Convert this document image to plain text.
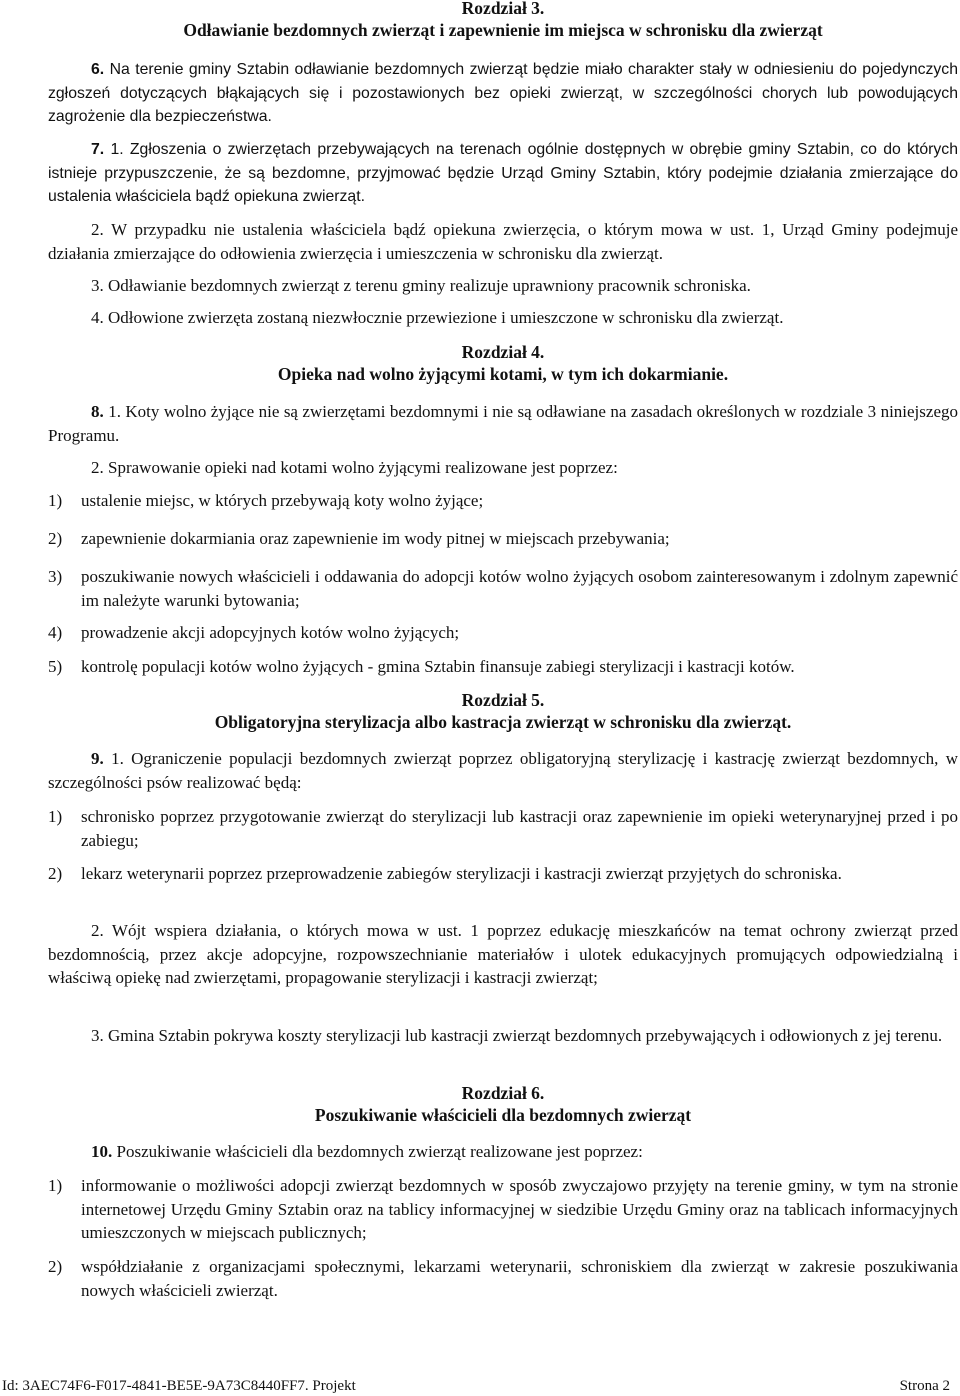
Rozdział 3.
Odławianie bezdomnych zwierząt i zapewnienie im miejsca w schronisku dla zwierząt
6. Na terenie gminy Sztabin odławianie bezdomnych zwierząt będzie miało charakter stały w odniesieniu do pojedynczych zgłoszeń dotyczących błąkających się i pozostawionych bez opieki zwierząt, w szczególności chorych lub powodujących zagrożenie dla bezpieczeństwa.
7. 1. Zgłoszenia o zwierzętach przebywających na terenach ogólnie dostępnych w obrębie gminy Sztabin, co do których istnieje przypuszczenie, że są bezdomne, przyjmować będzie Urząd Gminy Sztabin, który podejmie działania zmierzające do ustalenia właściciela bądź opiekuna zwierząt.
2. W przypadku nie ustalenia właściciela bądź opiekuna zwierzęcia, o którym mowa w ust. 1, Urząd Gminy podejmuje działania zmierzające do odłowienia zwierzęcia i umieszczenia w schronisku dla zwierząt.
3. Odławianie bezdomnych zwierząt z terenu gminy realizuje uprawniony pracownik schroniska.
4. Odłowione zwierzęta zostaną niezwłocznie przewiezione i umieszczone w schronisku dla zwierząt.
Rozdział 4.
Opieka nad wolno żyjącymi kotami, w tym ich dokarmianie.
8. 1. Koty wolno żyjące nie są zwierzętami bezdomnymi i nie są odławiane na zasadach określonych w rozdziale 3 niniejszego Programu.
2. Sprawowanie opieki nad kotami wolno żyjącymi realizowane jest poprzez:
1) ustalenie miejsc, w których przebywają koty wolno żyjące;
2) zapewnienie dokarmiania oraz zapewnienie im wody pitnej w miejscach przebywania;
3) poszukiwanie nowych właścicieli i oddawania do adopcji kotów wolno żyjących osobom zainteresowanym i zdolnym zapewnić im należyte warunki bytowania;
4) prowadzenie akcji adopcyjnych kotów wolno żyjących;
5) kontrolę populacji kotów wolno żyjących - gmina Sztabin finansuje zabiegi sterylizacji i kastracji kotów.
Rozdział 5.
Obligatoryjna sterylizacja albo kastracja zwierząt w schronisku dla zwierząt.
9. 1. Ograniczenie populacji bezdomnych zwierząt poprzez obligatoryjną sterylizację i kastrację zwierząt bezdomnych, w szczególności psów realizować będą:
1) schronisko poprzez przygotowanie zwierząt do sterylizacji lub kastracji oraz zapewnienie im opieki weterynaryjnej przed i po zabiegu;
2) lekarz weterynarii poprzez przeprowadzenie zabiegów sterylizacji i kastracji zwierząt przyjętych do schroniska.
2. Wójt wspiera działania, o których mowa w ust. 1 poprzez edukację mieszkańców na temat ochrony zwierząt przed bezdomnością, przez akcje adopcyjne, rozpowszechnianie materiałów i ulotek edukacyjnych promujących odpowiedzialną i właściwą opiekę nad zwierzętami, propagowanie sterylizacji i kastracji zwierząt;
3. Gmina Sztabin pokrywa koszty sterylizacji lub kastracji zwierząt bezdomnych przebywających i odłowionych z jej terenu.
Rozdział 6.
Poszukiwanie właścicieli dla bezdomnych zwierząt
10. Poszukiwanie właścicieli dla bezdomnych zwierząt realizowane jest poprzez:
1) informowanie o możliwości adopcji zwierząt bezdomnych w sposób zwyczajowo przyjęty na terenie gminy, w tym na stronie internetowej Urzędu Gminy Sztabin oraz na tablicy informacyjnej w siedzibie Urzędu Gminy oraz na tablicach informacyjnych umieszczonych w miejscach publicznych;
2) współdziałanie z organizacjami społecznymi, lekarzami weterynarii, schroniskiem dla zwierząt w zakresie poszukiwania nowych właścicieli zwierząt.
Id: 3AEC74F6-F017-4841-BE5E-9A73C8440FF7. Projekt	Strona 2
